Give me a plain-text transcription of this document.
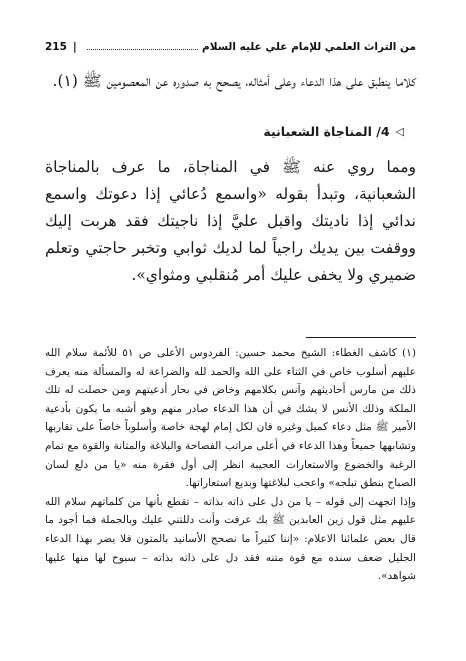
من التراث العلمي للإمام علي عليه السلام
|
215
كلاما ينطبق على هذا الدعاء وعلى أمثاله، يصحح به صدوره عن المعصومين ﷺ (١).
◁
4/ المناجاة الشعبانية
ومما روي عنه ﷺ في المناجاة، ما عرف بالمناجاة الشعبانية، وتبدأ بقوله «واسمع دُعائي إذا دعوتك واسمع ندائي إذا ناديتك واقبل عليَّ إذا ناجيتك فقد هربت إليك ووقفت بين يديك راجياً لما لديك ثوابي وتخبر حاجتي وتعلم ضميري ولا يخفى عليك أمر مُنقلبي ومثواي».

(١) كاشف الغطاء: الشيخ محمد حسين: الفردوس الأعلى ص ٥١ للأئمة سلام الله عليهم أسلوب خاص في الثناء على الله والحمد لله والضراعة له والمسألة منه يعرف ذلك من مارس أحاديثهم وآنس بكلامهم وخاض في بحار أدعيتهم ومن حصلت له تلك الملكة وذلك الأنس لا يشك في أن هذا الدعاء صادر منهم وهو أشبه ما يكون بأدعية الأمير ﷺ مثل دعاء كميل وغيره فان لكل إمام لهجة خاصة وأسلوباً خاصاً على تقاربها وتشابهها جميعاً وهذا الدعاء في أعلى مراتب الفصاحة والبلاغة والمتانة والقوة مع تمام الرغبة والخضوع والاستعارات العجيبة انظر إلى أول فقرة منه «يا من دلع لسان الصباح بنطق تبلجه» واعجب لبلاغتها وبديع استعاراتها.

وإذا اتجهت إلى قوله – يا من دل على ذاته بذاته – تقطع بأنها من كلماتهم سلام الله عليهم مثل قول زين العابدين ﷺ بك عرفت وأنت دللتني عليك وبالجملة فما أجود ما قال بعض علمائنا الاعلام: «إننا كثيراً ما نصحح الأسانيد بالمتون فلا يضر بهذا الدعاء الجليل ضعف سنده مع قوة متنه فقد دل على ذاته بذاته – سبوح لها منها عليها شواهد».
